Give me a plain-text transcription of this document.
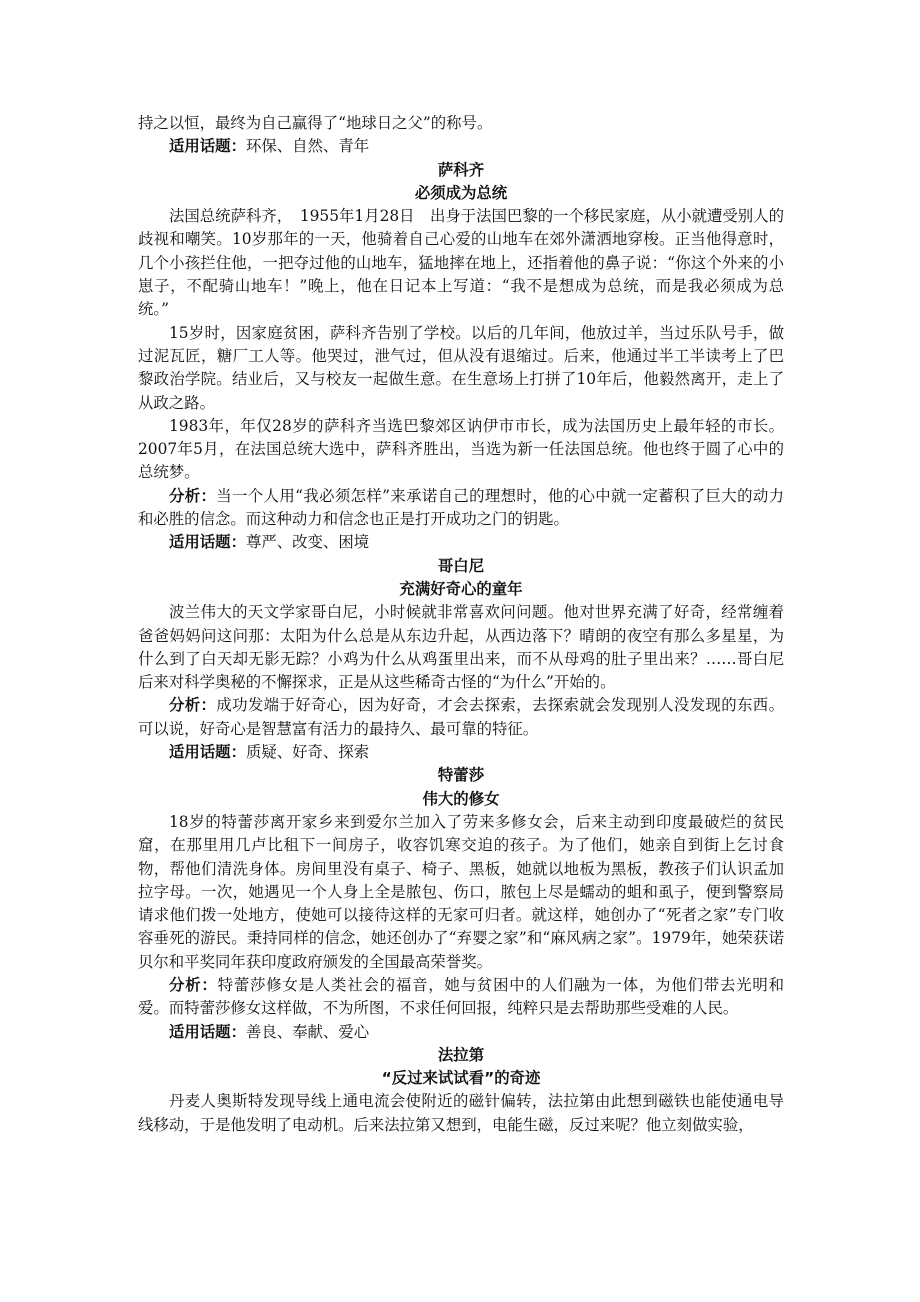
持之以恒，最终为自己赢得了“地球日之父”的称号。

适用话题：环保、自然、青年

萨科齐

必须成为总统

法国总统萨科齐，　1955年1月28日　出身于法国巴黎的一个移民家庭，从小就遭受别人的歧视和嘲笑。10岁那年的一天，他骑着自己心爱的山地车在郊外潇洒地穿梭。正当他得意时，几个小孩拦住他，一把夺过他的山地车，猛地摔在地上，还指着他的鼻子说：“你这个外来的小崽子，不配骑山地车！”晚上，他在日记本上写道：“我不是想成为总统，而是我必须成为总统。”

15岁时，因家庭贫困，萨科齐告别了学校。以后的几年间，他放过羊，当过乐队号手，做过泥瓦匠，糖厂工人等。他哭过，泄气过，但从没有退缩过。后来，他通过半工半读考上了巴黎政治学院。结业后，又与校友一起做生意。在生意场上打拼了10年后，他毅然离开，走上了从政之路。

1983年，年仅28岁的萨科齐当选巴黎郊区讷伊市市长，成为法国历史上最年轻的市长。2007年5月，在法国总统大选中，萨科齐胜出，当选为新一任法国总统。他也终于圆了心中的总统梦。

分析：当一个人用“我必须怎样”来承诺自己的理想时，他的心中就一定蓄积了巨大的动力和必胜的信念。而这种动力和信念也正是打开成功之门的钥匙。

适用话题：尊严、改变、困境

哥白尼

充满好奇心的童年

波兰伟大的天文学家哥白尼，小时候就非常喜欢问问题。他对世界充满了好奇，经常缠着爸爸妈妈问这问那：太阳为什么总是从东边升起，从西边落下？晴朗的夜空有那么多星星，为什么到了白天却无影无踪？小鸡为什么从鸡蛋里出来，而不从母鸡的肚子里出来？……哥白尼后来对科学奥秘的不懈探求，正是从这些稀奇古怪的“为什么”开始的。

分析：成功发端于好奇心，因为好奇，才会去探索，去探索就会发现别人没发现的东西。可以说，好奇心是智慧富有活力的最持久、最可靠的特征。

适用话题：质疑、好奇、探索

特蕾莎

伟大的修女

18岁的特蕾莎离开家乡来到爱尔兰加入了劳来多修女会，后来主动到印度最破烂的贫民窟，在那里用几卢比租下一间房子，收容饥寒交迫的孩子。为了他们，她亲自到街上乞讨食物，帮他们清洗身体。房间里没有桌子、椅子、黑板，她就以地板为黑板，教孩子们认识孟加拉字母。一次，她遇见一个人身上全是脓包、伤口，脓包上尽是蠕动的蛆和虱子，便到警察局请求他们拨一处地方，使她可以接待这样的无家可归者。就这样，她创办了“死者之家”专门收容垂死的游民。秉持同样的信念，她还创办了“弃婴之家”和“麻风病之家”。1979年，她荣获诺贝尔和平奖同年获印度政府颁发的全国最高荣誉奖。

分析：特蕾莎修女是人类社会的福音，她与贫困中的人们融为一体，为他们带去光明和爱。而特蕾莎修女这样做，不为所图，不求任何回报，纯粹只是去帮助那些受难的人民。

适用话题：善良、奉献、爱心

法拉第

“反过来试试看”的奇迹

丹麦人奥斯特发现导线上通电流会使附近的磁针偏转，法拉第由此想到磁铁也能使通电导线移动，于是他发明了电动机。后来法拉第又想到，电能生磁，反过来呢？他立刻做实验，
